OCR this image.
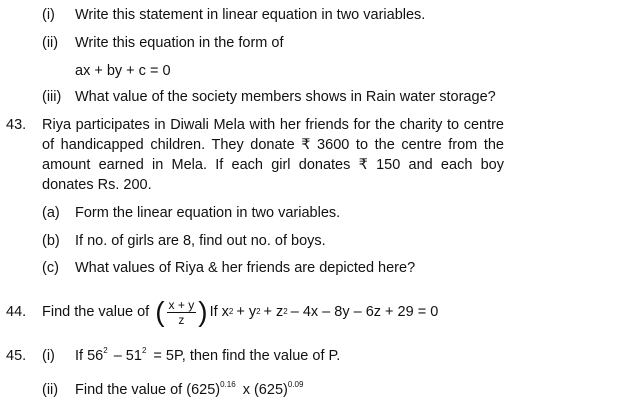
(i) Write this statement in linear equation in two variables.
(ii) Write this equation in the form of
ax + by + c = 0
(iii) What value of the society members shows in Rain water storage?
43. Riya participates in Diwali Mela with her friends for the charity to centre
of handicapped children. They donate ₹ 3600 to the centre from the
amount earned in Mela. If each girl donates ₹ 150 and each boy
donates Rs. 200.
(a) Form the linear equation in two variables.
(b) If no. of girls are 8, find out no. of boys.
(c) What values of Riya & her friends are depicted here?
44. Find the value of ( $\frac{x + y}{z}$ ) If x 2 + y 2 + z 2 – 4x – 8y – 6z + 29 = 0
45. (i) If $56^2 - 51^2 = 5P$, then find the value of P.
(ii) Find the value of $(625)^{0.16}$ x $(625)^{0.09}$
